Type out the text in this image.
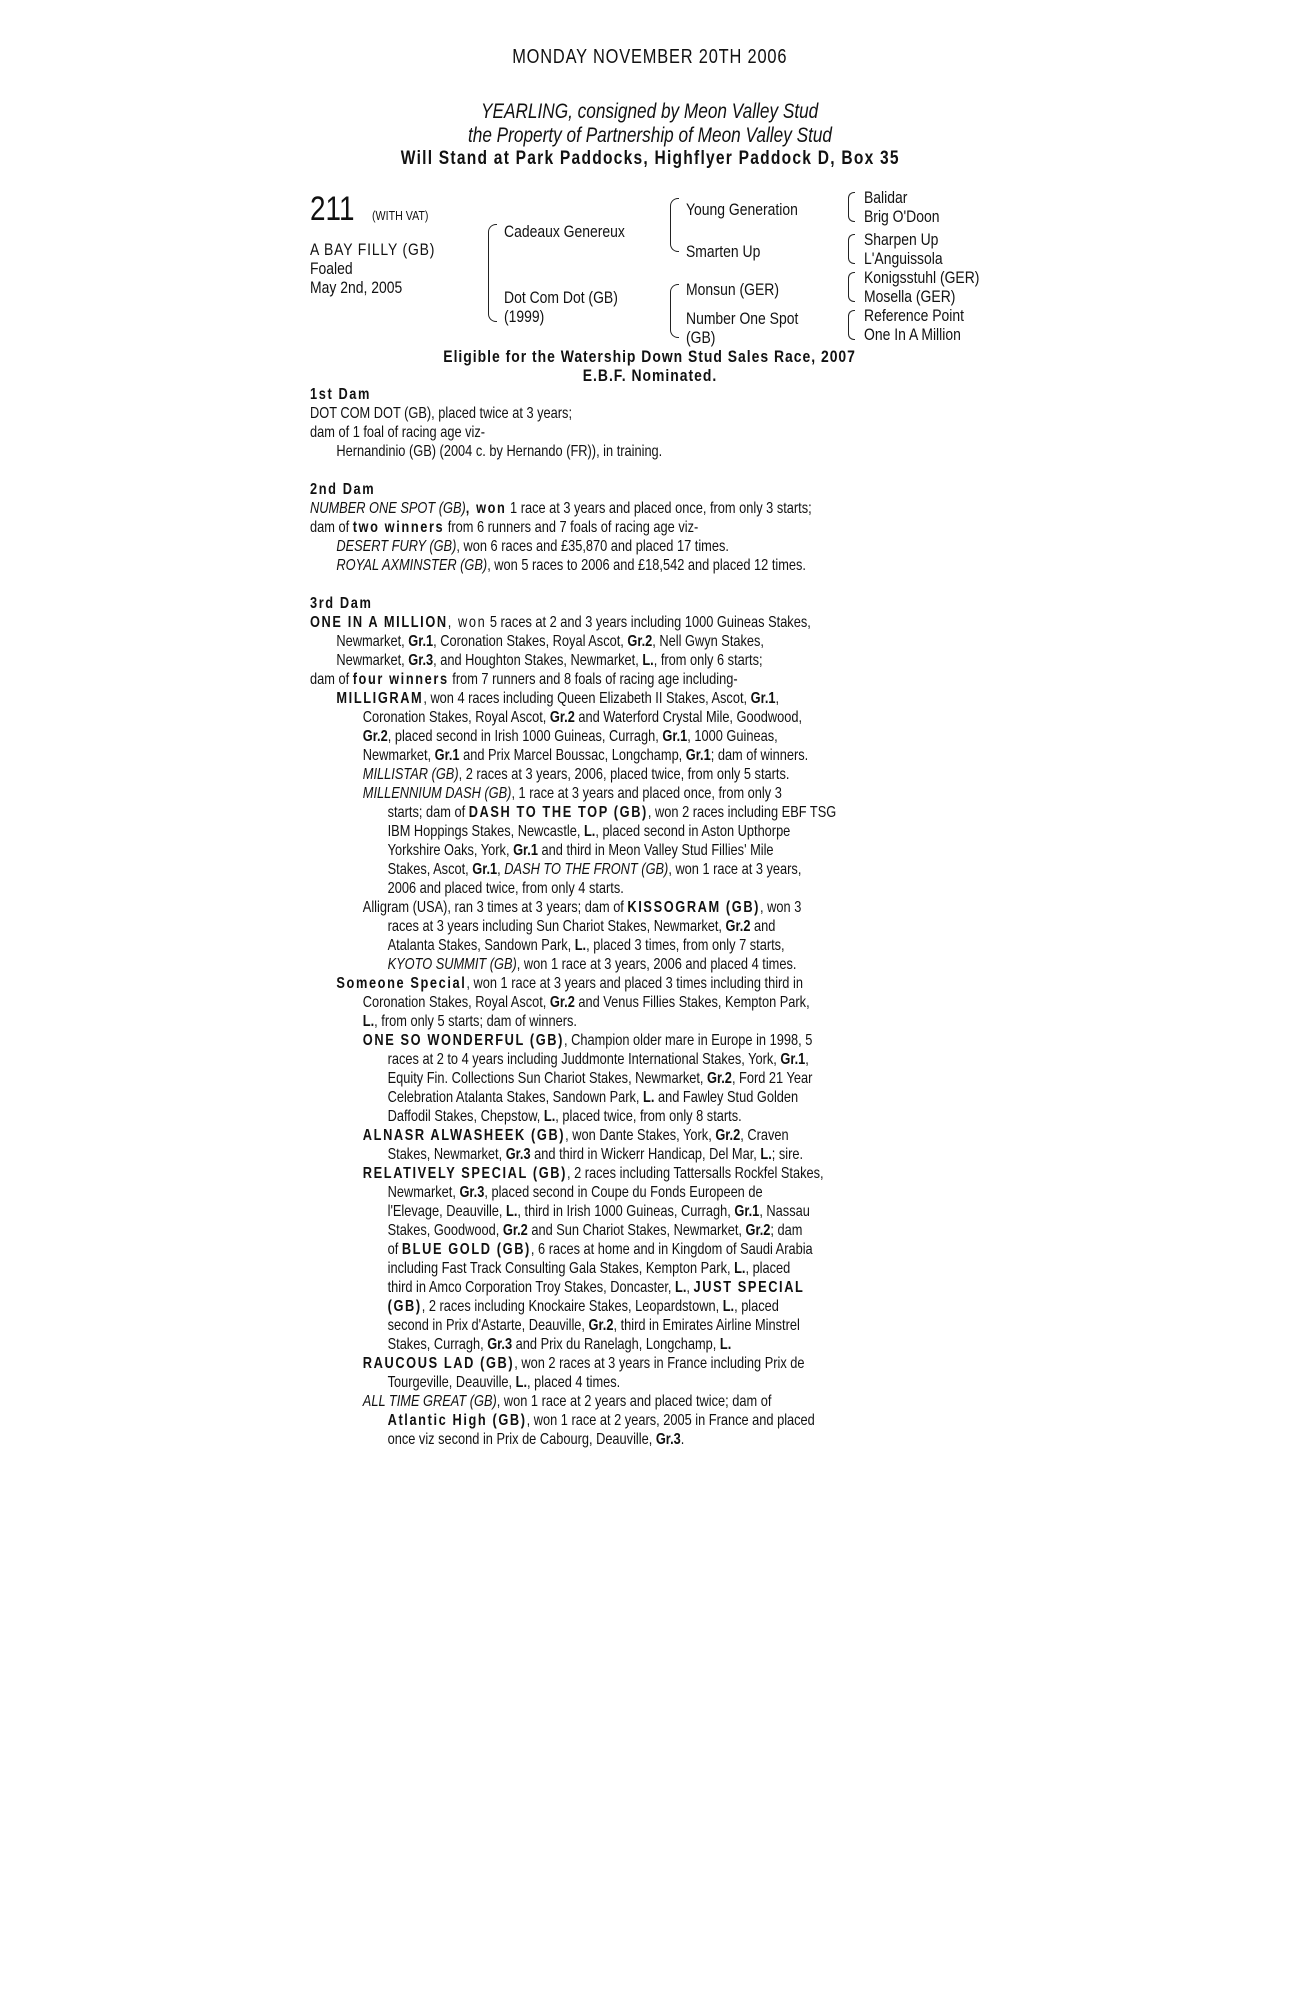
MONDAY NOVEMBER 20TH 2006
YEARLING, consigned by Meon Valley Stud
the Property of Partnership of Meon Valley Stud
Will Stand at Park Paddocks, Highflyer Paddock D, Box 35
211 (WITH VAT)
A BAY FILLY (GB)
Foaled
May 2nd, 2005
Cadeaux Genereux
Dot Com Dot (GB)
(1999)
Young Generation
Smarten Up
Monsun (GER)
Number One Spot
(GB)
Balidar
Brig O'Doon
Sharpen Up
L'Anguissola
Konigsstuhl (GER)
Mosella (GER)
Reference Point
One In A Million
Eligible for the Watership Down Stud Sales Race, 2007
E.B.F. Nominated.

1st Dam

DOT COM DOT (GB), placed twice at 3 years;

dam of 1 foal of racing age viz-

Hernandinio (GB) (2004 c. by Hernando (FR)), in training.

2nd Dam

NUMBER ONE SPOT (GB), won 1 race at 3 years and placed once, from only 3 starts;

dam of two winners from 6 runners and 7 foals of racing age viz-

DESERT FURY (GB), won 6 races and £35,870 and placed 17 times.

ROYAL AXMINSTER (GB), won 5 races to 2006 and £18,542 and placed 12 times.

3rd Dam

ONE IN A MILLION, won 5 races at 2 and 3 years including 1000 Guineas Stakes,

Newmarket, Gr.1, Coronation Stakes, Royal Ascot, Gr.2, Nell Gwyn Stakes,

Newmarket, Gr.3, and Houghton Stakes, Newmarket, L., from only 6 starts;

dam of four winners from 7 runners and 8 foals of racing age including-

MILLIGRAM, won 4 races including Queen Elizabeth II Stakes, Ascot, Gr.1,

Coronation Stakes, Royal Ascot, Gr.2 and Waterford Crystal Mile, Goodwood,

Gr.2, placed second in Irish 1000 Guineas, Curragh, Gr.1, 1000 Guineas,

Newmarket, Gr.1 and Prix Marcel Boussac, Longchamp, Gr.1; dam of winners.

MILLISTAR (GB), 2 races at 3 years, 2006, placed twice, from only 5 starts.

MILLENNIUM DASH (GB), 1 race at 3 years and placed once, from only 3

starts; dam of DASH TO THE TOP (GB), won 2 races including EBF TSG

IBM Hoppings Stakes, Newcastle, L., placed second in Aston Upthorpe

Yorkshire Oaks, York, Gr.1 and third in Meon Valley Stud Fillies' Mile

Stakes, Ascot, Gr.1, DASH TO THE FRONT (GB), won 1 race at 3 years,

2006 and placed twice, from only 4 starts.

Alligram (USA), ran 3 times at 3 years; dam of KISSOGRAM (GB), won 3

races at 3 years including Sun Chariot Stakes, Newmarket, Gr.2 and

Atalanta Stakes, Sandown Park, L., placed 3 times, from only 7 starts,

KYOTO SUMMIT (GB), won 1 race at 3 years, 2006 and placed 4 times.

Someone Special, won 1 race at 3 years and placed 3 times including third in

Coronation Stakes, Royal Ascot, Gr.2 and Venus Fillies Stakes, Kempton Park,

L., from only 5 starts; dam of winners.

ONE SO WONDERFUL (GB), Champion older mare in Europe in 1998, 5

races at 2 to 4 years including Juddmonte International Stakes, York, Gr.1,

Equity Fin. Collections Sun Chariot Stakes, Newmarket, Gr.2, Ford 21 Year

Celebration Atalanta Stakes, Sandown Park, L. and Fawley Stud Golden

Daffodil Stakes, Chepstow, L., placed twice, from only 8 starts.

ALNASR ALWASHEEK (GB), won Dante Stakes, York, Gr.2, Craven

Stakes, Newmarket, Gr.3 and third in Wickerr Handicap, Del Mar, L.; sire.

RELATIVELY SPECIAL (GB), 2 races including Tattersalls Rockfel Stakes,

Newmarket, Gr.3, placed second in Coupe du Fonds Europeen de

l'Elevage, Deauville, L., third in Irish 1000 Guineas, Curragh, Gr.1, Nassau

Stakes, Goodwood, Gr.2 and Sun Chariot Stakes, Newmarket, Gr.2; dam

of BLUE GOLD (GB), 6 races at home and in Kingdom of Saudi Arabia

including Fast Track Consulting Gala Stakes, Kempton Park, L., placed

third in Amco Corporation Troy Stakes, Doncaster, L., JUST SPECIAL

(GB), 2 races including Knockaire Stakes, Leopardstown, L., placed

second in Prix d'Astarte, Deauville, Gr.2, third in Emirates Airline Minstrel

Stakes, Curragh, Gr.3 and Prix du Ranelagh, Longchamp, L.

RAUCOUS LAD (GB), won 2 races at 3 years in France including Prix de

Tourgeville, Deauville, L., placed 4 times.

ALL TIME GREAT (GB), won 1 race at 2 years and placed twice; dam of

Atlantic High (GB), won 1 race at 2 years, 2005 in France and placed

once viz second in Prix de Cabourg, Deauville, Gr.3.
